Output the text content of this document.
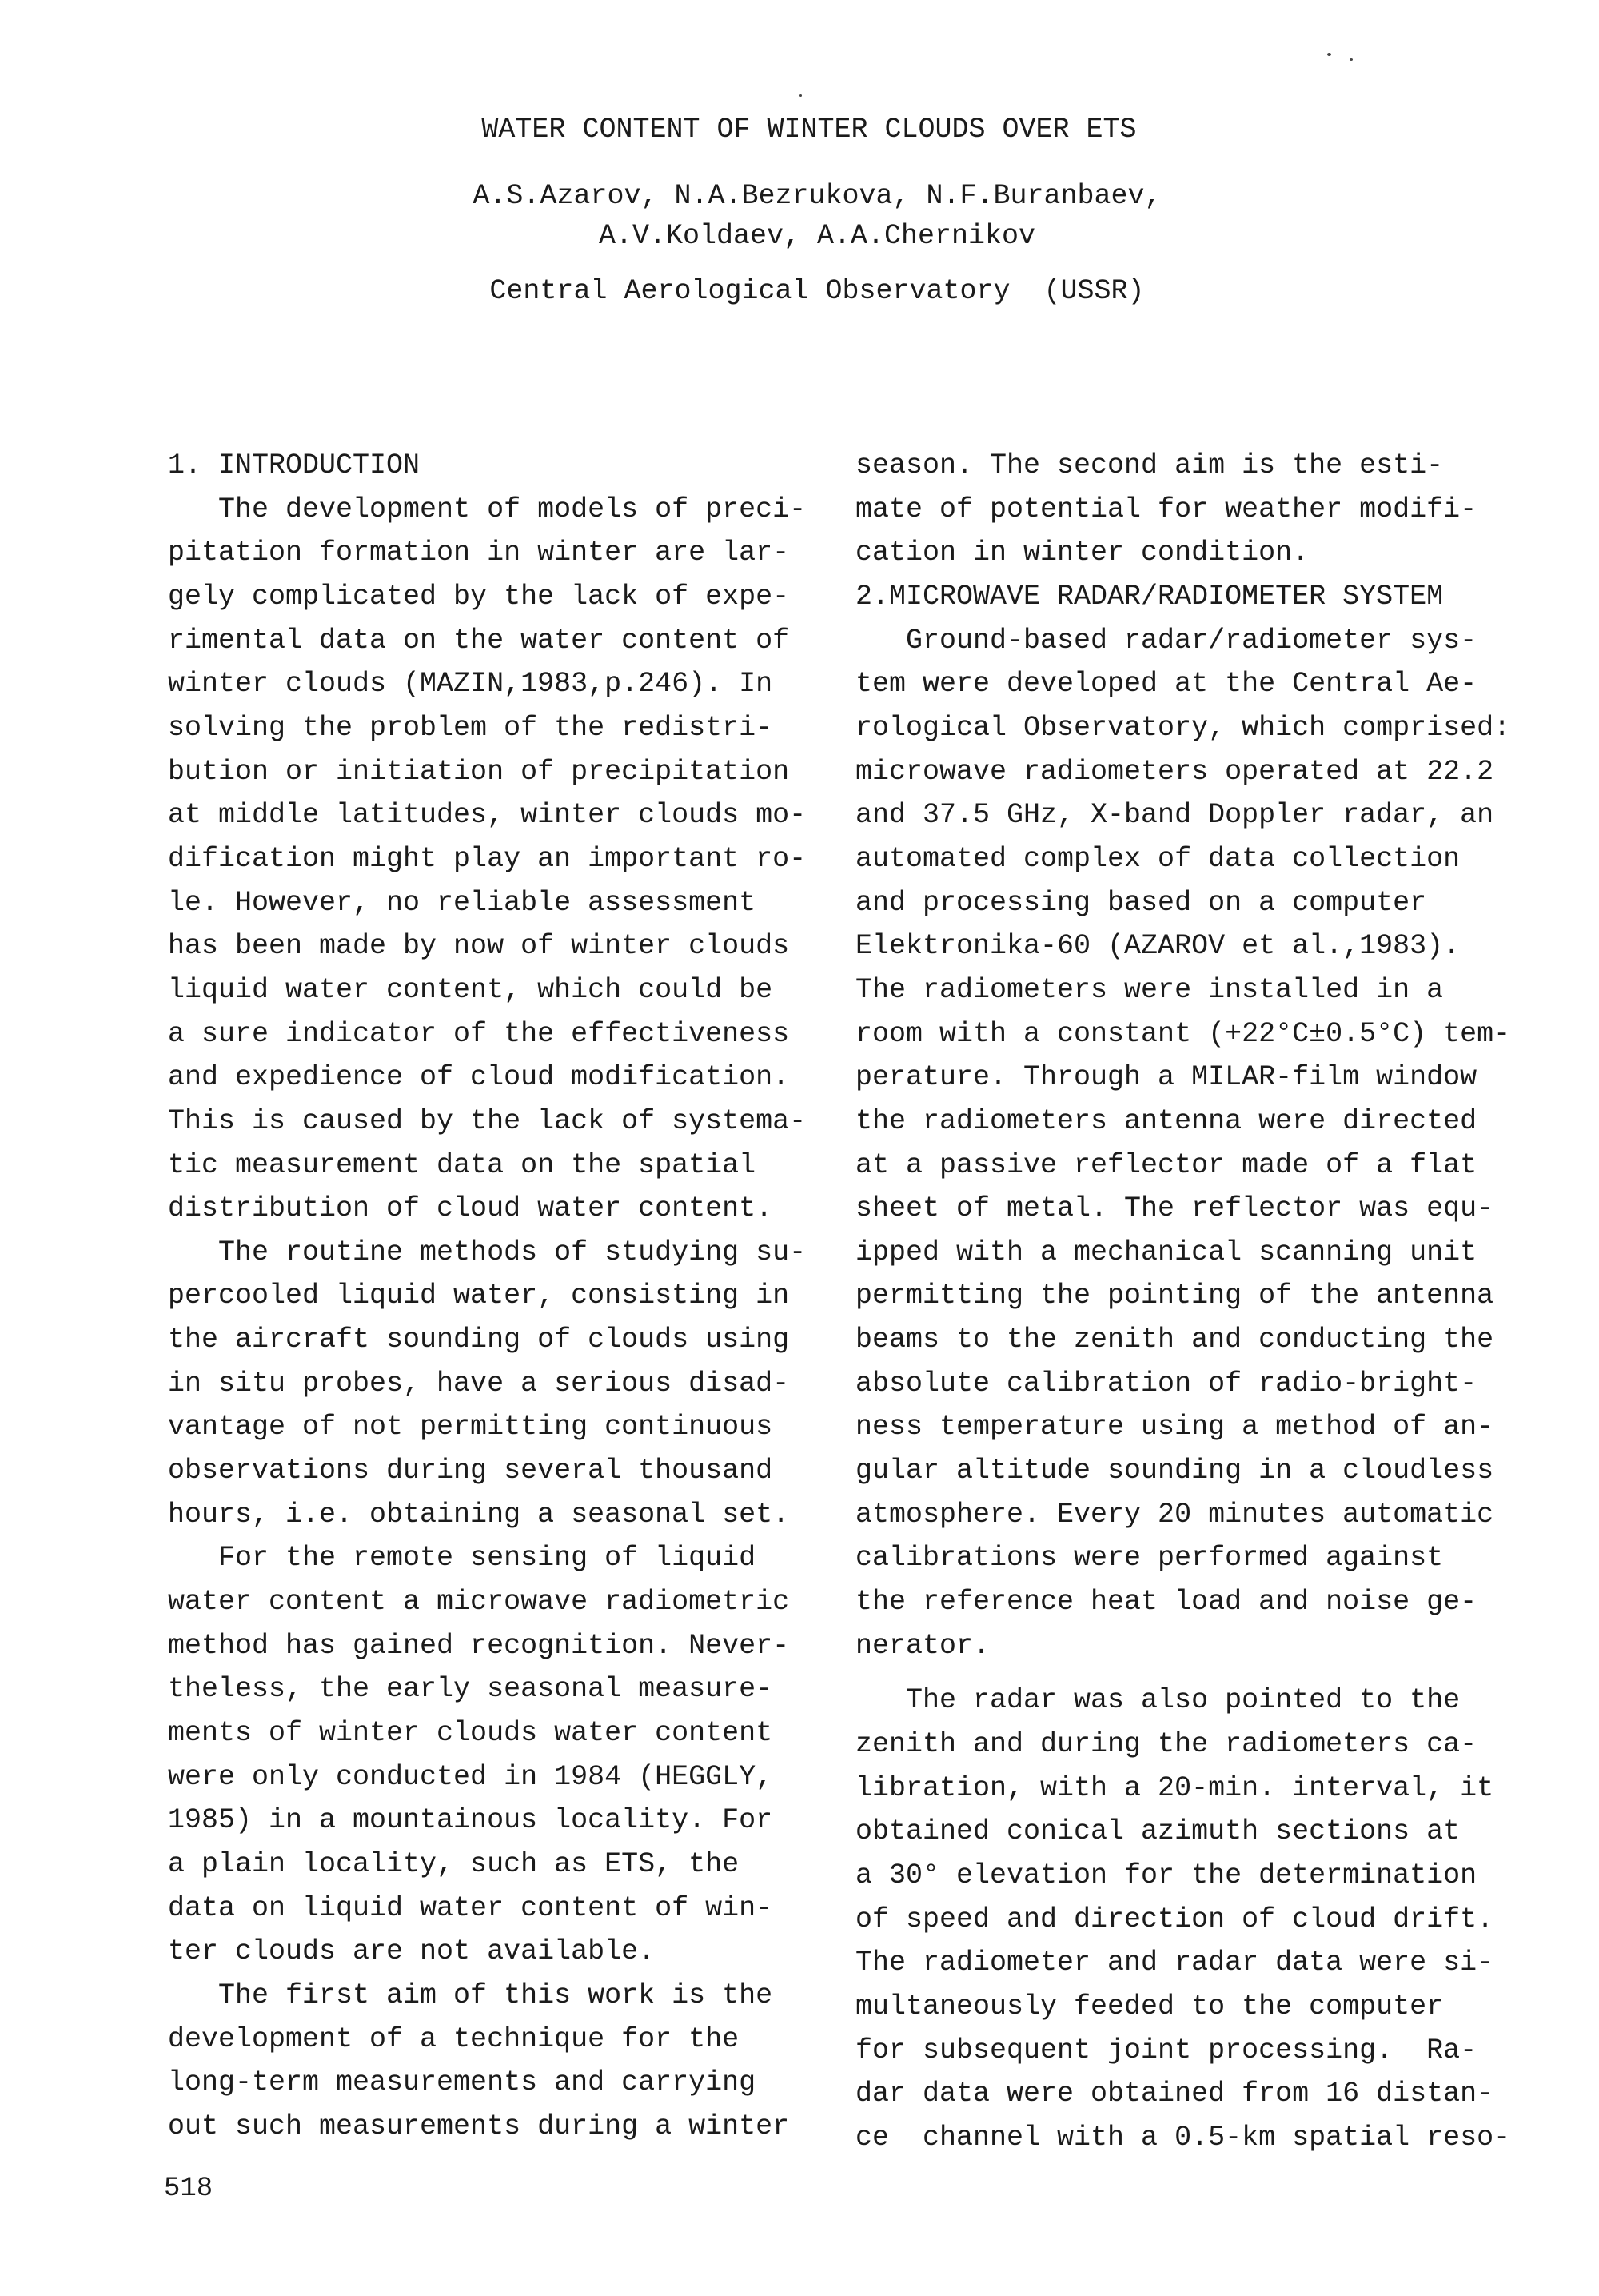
WATER CONTENT OF WINTER CLOUDS OVER ETS

A.S.Azarov, N.A.Bezrukova, N.F.Buranbaev,

A.V.Koldaev, A.A.Chernikov

Central Aerological Observatory  (USSR)

1. INTRODUCTION

The development of models of preci-

pitation formation in winter are lar-

gely complicated by the lack of expe-

rimental data on the water content of

winter clouds (MAZIN,1983,p.246). In

solving the problem of the redistri-

bution or initiation of precipitation

at middle latitudes, winter clouds mo-

dification might play an important ro-

le. However, no reliable assessment

has been made by now of winter clouds

liquid water content, which could be

a sure indicator of the effectiveness

and expedience of cloud modification.

This is caused by the lack of systema-

tic measurement data on the spatial

distribution of cloud water content.

The routine methods of studying su-

percooled liquid water, consisting in

the aircraft sounding of clouds using

in situ probes, have a serious disad-

vantage of not permitting continuous

observations during several thousand

hours, i.e. obtaining a seasonal set.

For the remote sensing of liquid

water content a microwave radiometric

method has gained recognition. Never-

theless, the early seasonal measure-

ments of winter clouds water content

were only conducted in 1984 (HEGGLY,

1985) in a mountainous locality. For

a plain locality, such as ETS, the

data on liquid water content of win-

ter clouds are not available.

The first aim of this work is the

development of a technique for the

long-term measurements and carrying

out such measurements during a winter

season. The second aim is the esti-

mate of potential for weather modifi-

cation in winter condition.

2.MICROWAVE RADAR/RADIOMETER SYSTEM

Ground-based radar/radiometer sys-

tem were developed at the Central Ae-

rological Observatory, which comprised:

microwave radiometers operated at 22.2

and 37.5 GHz, X-band Doppler radar, an

automated complex of data collection

and processing based on a computer

Elektronika-60 (AZAROV et al.,1983).

The radiometers were installed in a

room with a constant (+22°C±0.5°C) tem-

perature. Through a MILAR-film window

the radiometers antenna were directed

at a passive reflector made of a flat

sheet of metal. The reflector was equ-

ipped with a mechanical scanning unit

permitting the pointing of the antenna

beams to the zenith and conducting the

absolute calibration of radio-bright-

ness temperature using a method of an-

gular altitude sounding in a cloudless

atmosphere. Every 20 minutes automatic

calibrations were performed against

the reference heat load and noise ge-

nerator.

The radar was also pointed to the

zenith and during the radiometers ca-

libration, with a 20-min. interval, it

obtained conical azimuth sections at

a 30° elevation for the determination

of speed and direction of cloud drift.

The radiometer and radar data were si-

multaneously feeded to the computer

for subsequent joint processing.  Ra-

dar data were obtained from 16 distan-

ce  channel with a 0.5-km spatial reso-

518
